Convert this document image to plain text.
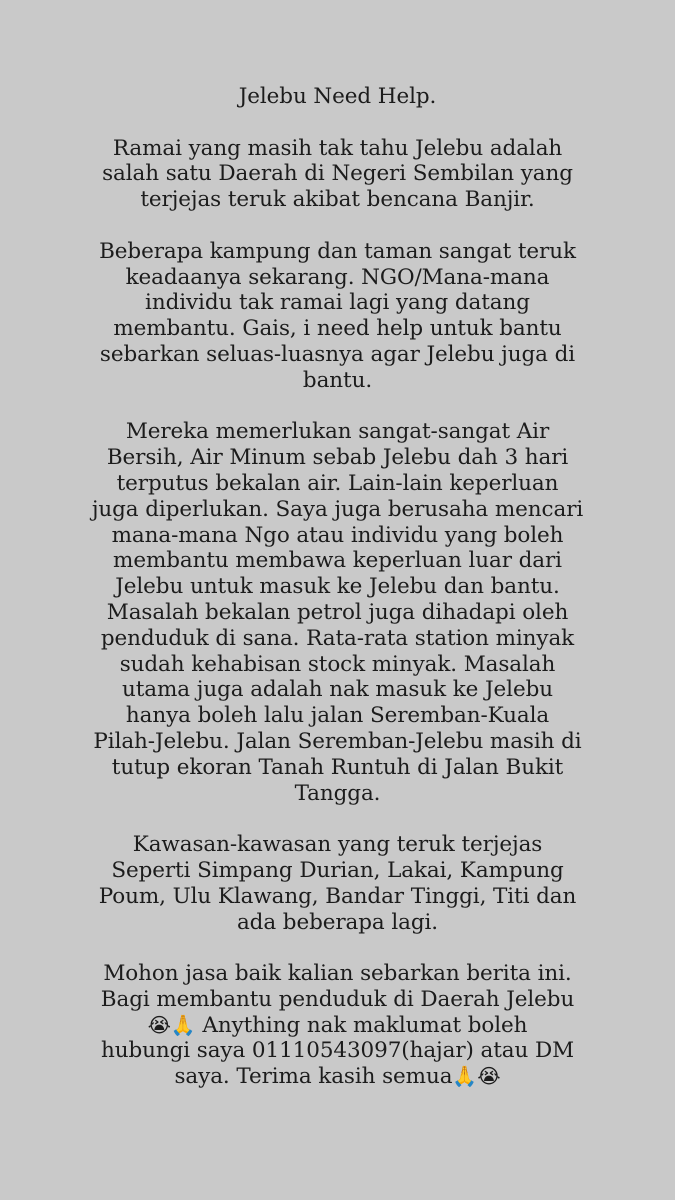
Jelebu Need Help.
Ramai yang masih tak tahu Jelebu adalah
salah satu Daerah di Negeri Sembilan yang
terjejas teruk akibat bencana Banjir.
Beberapa kampung dan taman sangat teruk
keadaanya sekarang. NGO/Mana-mana
individu tak ramai lagi yang datang
membantu. Gais, i need help untuk bantu
sebarkan seluas-luasnya agar Jelebu juga di
bantu.
Mereka memerlukan sangat-sangat Air
Bersih, Air Minum sebab Jelebu dah 3 hari
terputus bekalan air. Lain-lain keperluan
juga diperlukan. Saya juga berusaha mencari
mana-mana Ngo atau individu yang boleh
membantu membawa keperluan luar dari
Jelebu untuk masuk ke Jelebu dan bantu.
Masalah bekalan petrol juga dihadapi oleh
penduduk di sana. Rata-rata station minyak
sudah kehabisan stock minyak. Masalah
utama juga adalah nak masuk ke Jelebu
hanya boleh lalu jalan Seremban-Kuala
Pilah-Jelebu. Jalan Seremban-Jelebu masih di
tutup ekoran Tanah Runtuh di Jalan Bukit
Tangga.
Kawasan-kawasan yang teruk terjejas
Seperti Simpang Durian, Lakai, Kampung
Poum, Ulu Klawang, Bandar Tinggi, Titi dan
ada beberapa lagi.
Mohon jasa baik kalian sebarkan berita ini.
Bagi membantu penduduk di Daerah Jelebu
😭🙏 Anything nak maklumat boleh
hubungi saya 01110543097(hajar) atau DM
saya. Terima kasih semua🙏😭
